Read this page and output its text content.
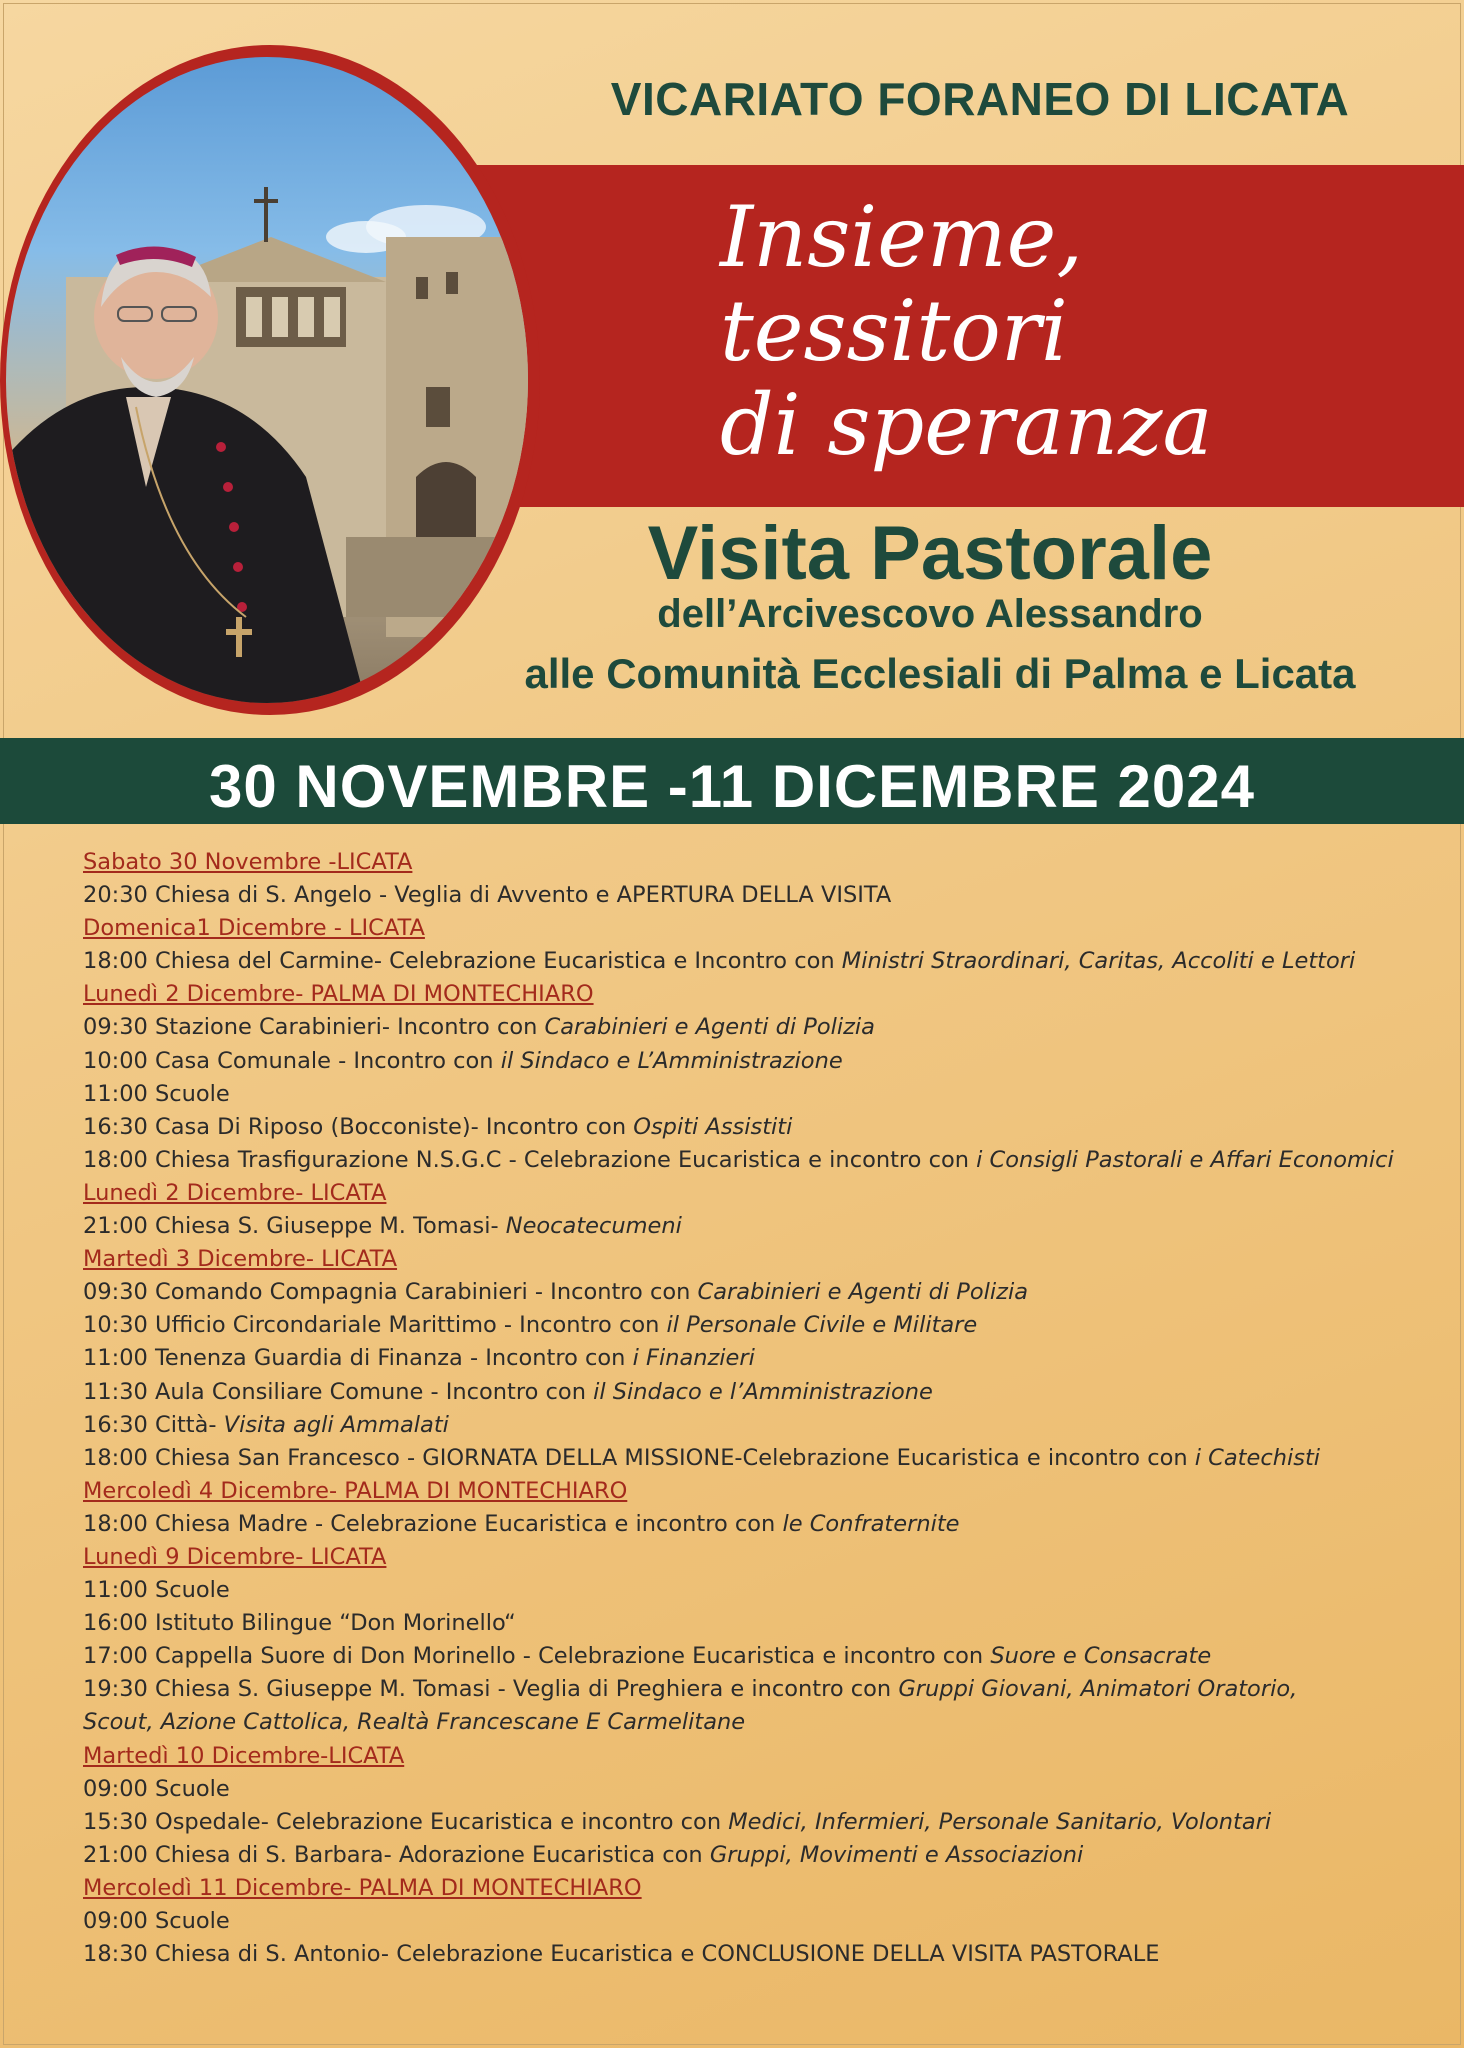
VICARIATO FORANEO DI LICATA
Insieme,
tessitori
di speranza
Visita Pastorale
dell’Arcivescovo Alessandro
alle Comunità Ecclesiali di Palma e Licata
30 NOVEMBRE -11 DICEMBRE 2024
Sabato 30 Novembre -LICATA
20:30 Chiesa di S. Angelo - Veglia di Avvento e APERTURA DELLA VISITA
Domenica1 Dicembre - LICATA
18:00 Chiesa del Carmine- Celebrazione Eucaristica e Incontro con Ministri Straordinari, Caritas, Accoliti e Lettori
Lunedì 2 Dicembre- PALMA DI MONTECHIARO
09:30 Stazione Carabinieri- Incontro con Carabinieri e Agenti di Polizia
10:00 Casa Comunale - Incontro con il Sindaco e L’Amministrazione
11:00 Scuole
16:30 Casa Di Riposo (Bocconiste)- Incontro con Ospiti Assistiti
18:00 Chiesa Trasfigurazione N.S.G.C - Celebrazione Eucaristica e incontro con i Consigli Pastorali e Affari Economici
Lunedì 2 Dicembre- LICATA
21:00 Chiesa S. Giuseppe M. Tomasi- Neocatecumeni
Martedì 3 Dicembre- LICATA
09:30 Comando Compagnia Carabinieri - Incontro con Carabinieri e Agenti di Polizia
10:30 Ufficio Circondariale Marittimo - Incontro con il Personale Civile e Militare
11:00 Tenenza Guardia di Finanza - Incontro con i Finanzieri
11:30 Aula Consiliare Comune - Incontro con il Sindaco e l’Amministrazione
16:30 Città- Visita agli Ammalati
18:00 Chiesa San Francesco - GIORNATA DELLA MISSIONE-Celebrazione Eucaristica e incontro con i Catechisti
Mercoledì 4 Dicembre- PALMA DI MONTECHIARO
18:00 Chiesa Madre - Celebrazione Eucaristica e incontro con le Confraternite
Lunedì 9 Dicembre- LICATA
11:00 Scuole
16:00 Istituto Bilingue “Don Morinello“
17:00 Cappella Suore di Don Morinello - Celebrazione Eucaristica e incontro con Suore e Consacrate
19:30 Chiesa S. Giuseppe M. Tomasi - Veglia di Preghiera e incontro con Gruppi Giovani, Animatori Oratorio,
Scout, Azione Cattolica, Realtà Francescane E Carmelitane
Martedì 10 Dicembre-LICATA
09:00 Scuole
15:30 Ospedale- Celebrazione Eucaristica e incontro con Medici, Infermieri, Personale Sanitario, Volontari
21:00 Chiesa di S. Barbara- Adorazione Eucaristica con Gruppi, Movimenti e Associazioni
Mercoledì 11 Dicembre- PALMA DI MONTECHIARO
09:00 Scuole
18:30 Chiesa di S. Antonio- Celebrazione Eucaristica e CONCLUSIONE DELLA VISITA PASTORALE
